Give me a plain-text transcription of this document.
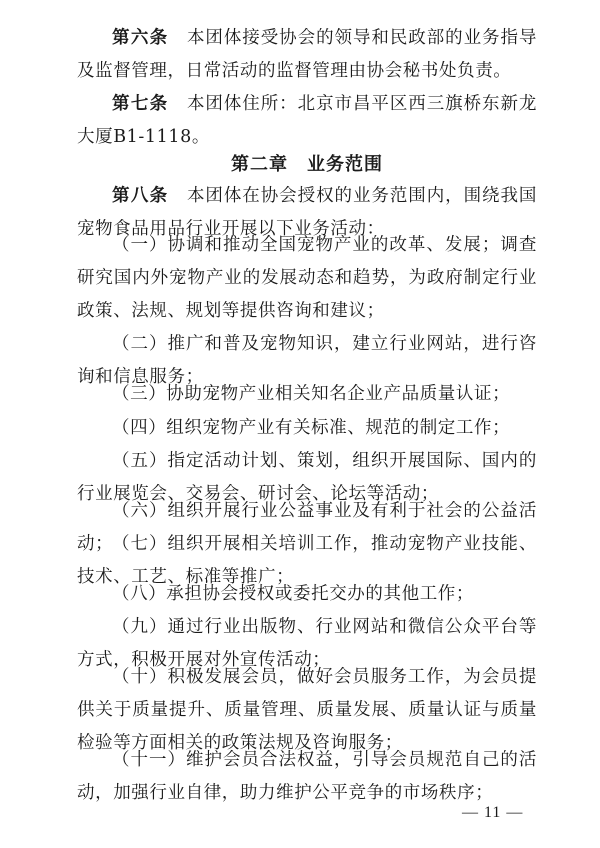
第六条　 本团体接受协会的领导和民政部的业务指导及监督管理，日常活动的监督管理由协会秘书处负责。

第七条　 本团体住所：北京市昌平区西三旗桥东新龙大厦B1-1118。

第二章　业务范围

第八条　 本团体在协会授权的业务范围内，围绕我国宠物食品用品行业开展以下业务活动：

（一）协调和推动全国宠物产业的改革、发展；调查研究国内外宠物产业的发展动态和趋势，为政府制定行业政策、法规、规划等提供咨询和建议；

（二）推广和普及宠物知识，建立行业网站，进行咨询和信息服务；

（三）协助宠物产业相关知名企业产品质量认证；

（四）组织宠物产业有关标准、规范的制定工作；

（五）指定活动计划、策划，组织开展国际、国内的行业展览会、交易会、研讨会、论坛等活动；

（六）组织开展行业公益事业及有利于社会的公益活动；

（七）组织开展相关培训工作，推动宠物产业技能、技术、工艺、标准等推广；

（八）承担协会授权或委托交办的其他工作；

（九）通过行业出版物、行业网站和微信公众平台等方式，积极开展对外宣传活动；

（十）积极发展会员，做好会员服务工作，为会员提供关于质量提升、质量管理、质量发展、质量认证与质量检验等方面相关的政策法规及咨询服务；

（十一）维护会员合法权益，引导会员规范自己的活动，加强行业自律，助力维护公平竞争的市场秩序；

— 11 —
